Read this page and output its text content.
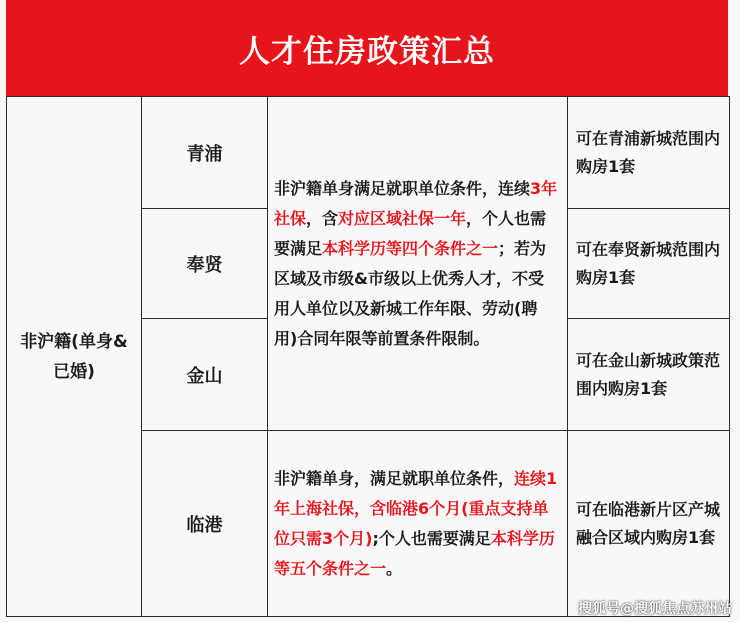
人才住房政策汇总
非沪籍(单身&已婚)	青浦	非沪籍单身满足就职单位条件，连续3年社保，含对应区域社保一年，个人也需要满足本科学历等四个条件之一；若为区域及市级&市级以上优秀人才，不受用人单位以及新城工作年限、劳动(聘用)合同年限等前置条件限制。	可在青浦新城范围内购房1套
	奉贤		可在奉贤新城范围内购房1套
	金山		可在金山新城政策范围内购房1套
	临港	非沪籍单身，满足就职单位条件，连续1年上海社保，含临港6个月(重点支持单位只需3个月);个人也需要满足本科学历等五个条件之一。	可在临港新片区产城融合区域内购房1套
搜狐号@搜狐焦点苏州站
